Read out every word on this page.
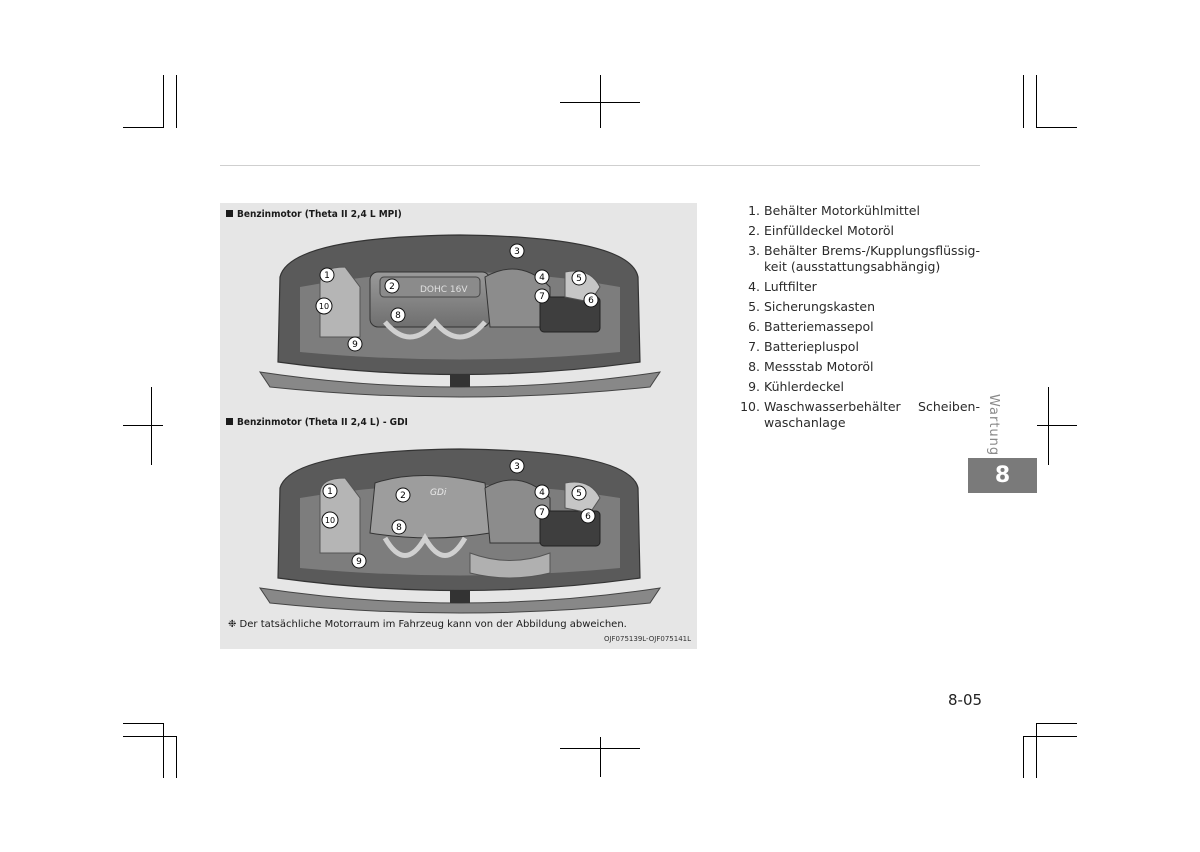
Benzinmotor (Theta II 2,4 L MPI)
DOHC 16V
1
2
3
4	5
6
7
8
9
10
Benzinmotor (Theta II 2,4 L) - GDI
GDi
1	2
3
4	5
6
7
8
9
10
❉ Der tatsächliche Motorraum im Fahrzeug kann von der Abbildung abweichen.
OJF075139L-OJF075141L
1. Behälter Motorkühlmittel
2. Einfülldeckel Motoröl
3. Behälter Brems-/Kupplungsflüssig-keit (ausstattungsabhängig)
4. Luftfilter
5. Sicherungskasten
6. Batteriemassepol
7. Batteriepluspol
8. Messstab Motoröl
9. Kühlerdeckel
10. Waschwasserbehälter Scheiben-waschanlage	Wartung
8
8-05
